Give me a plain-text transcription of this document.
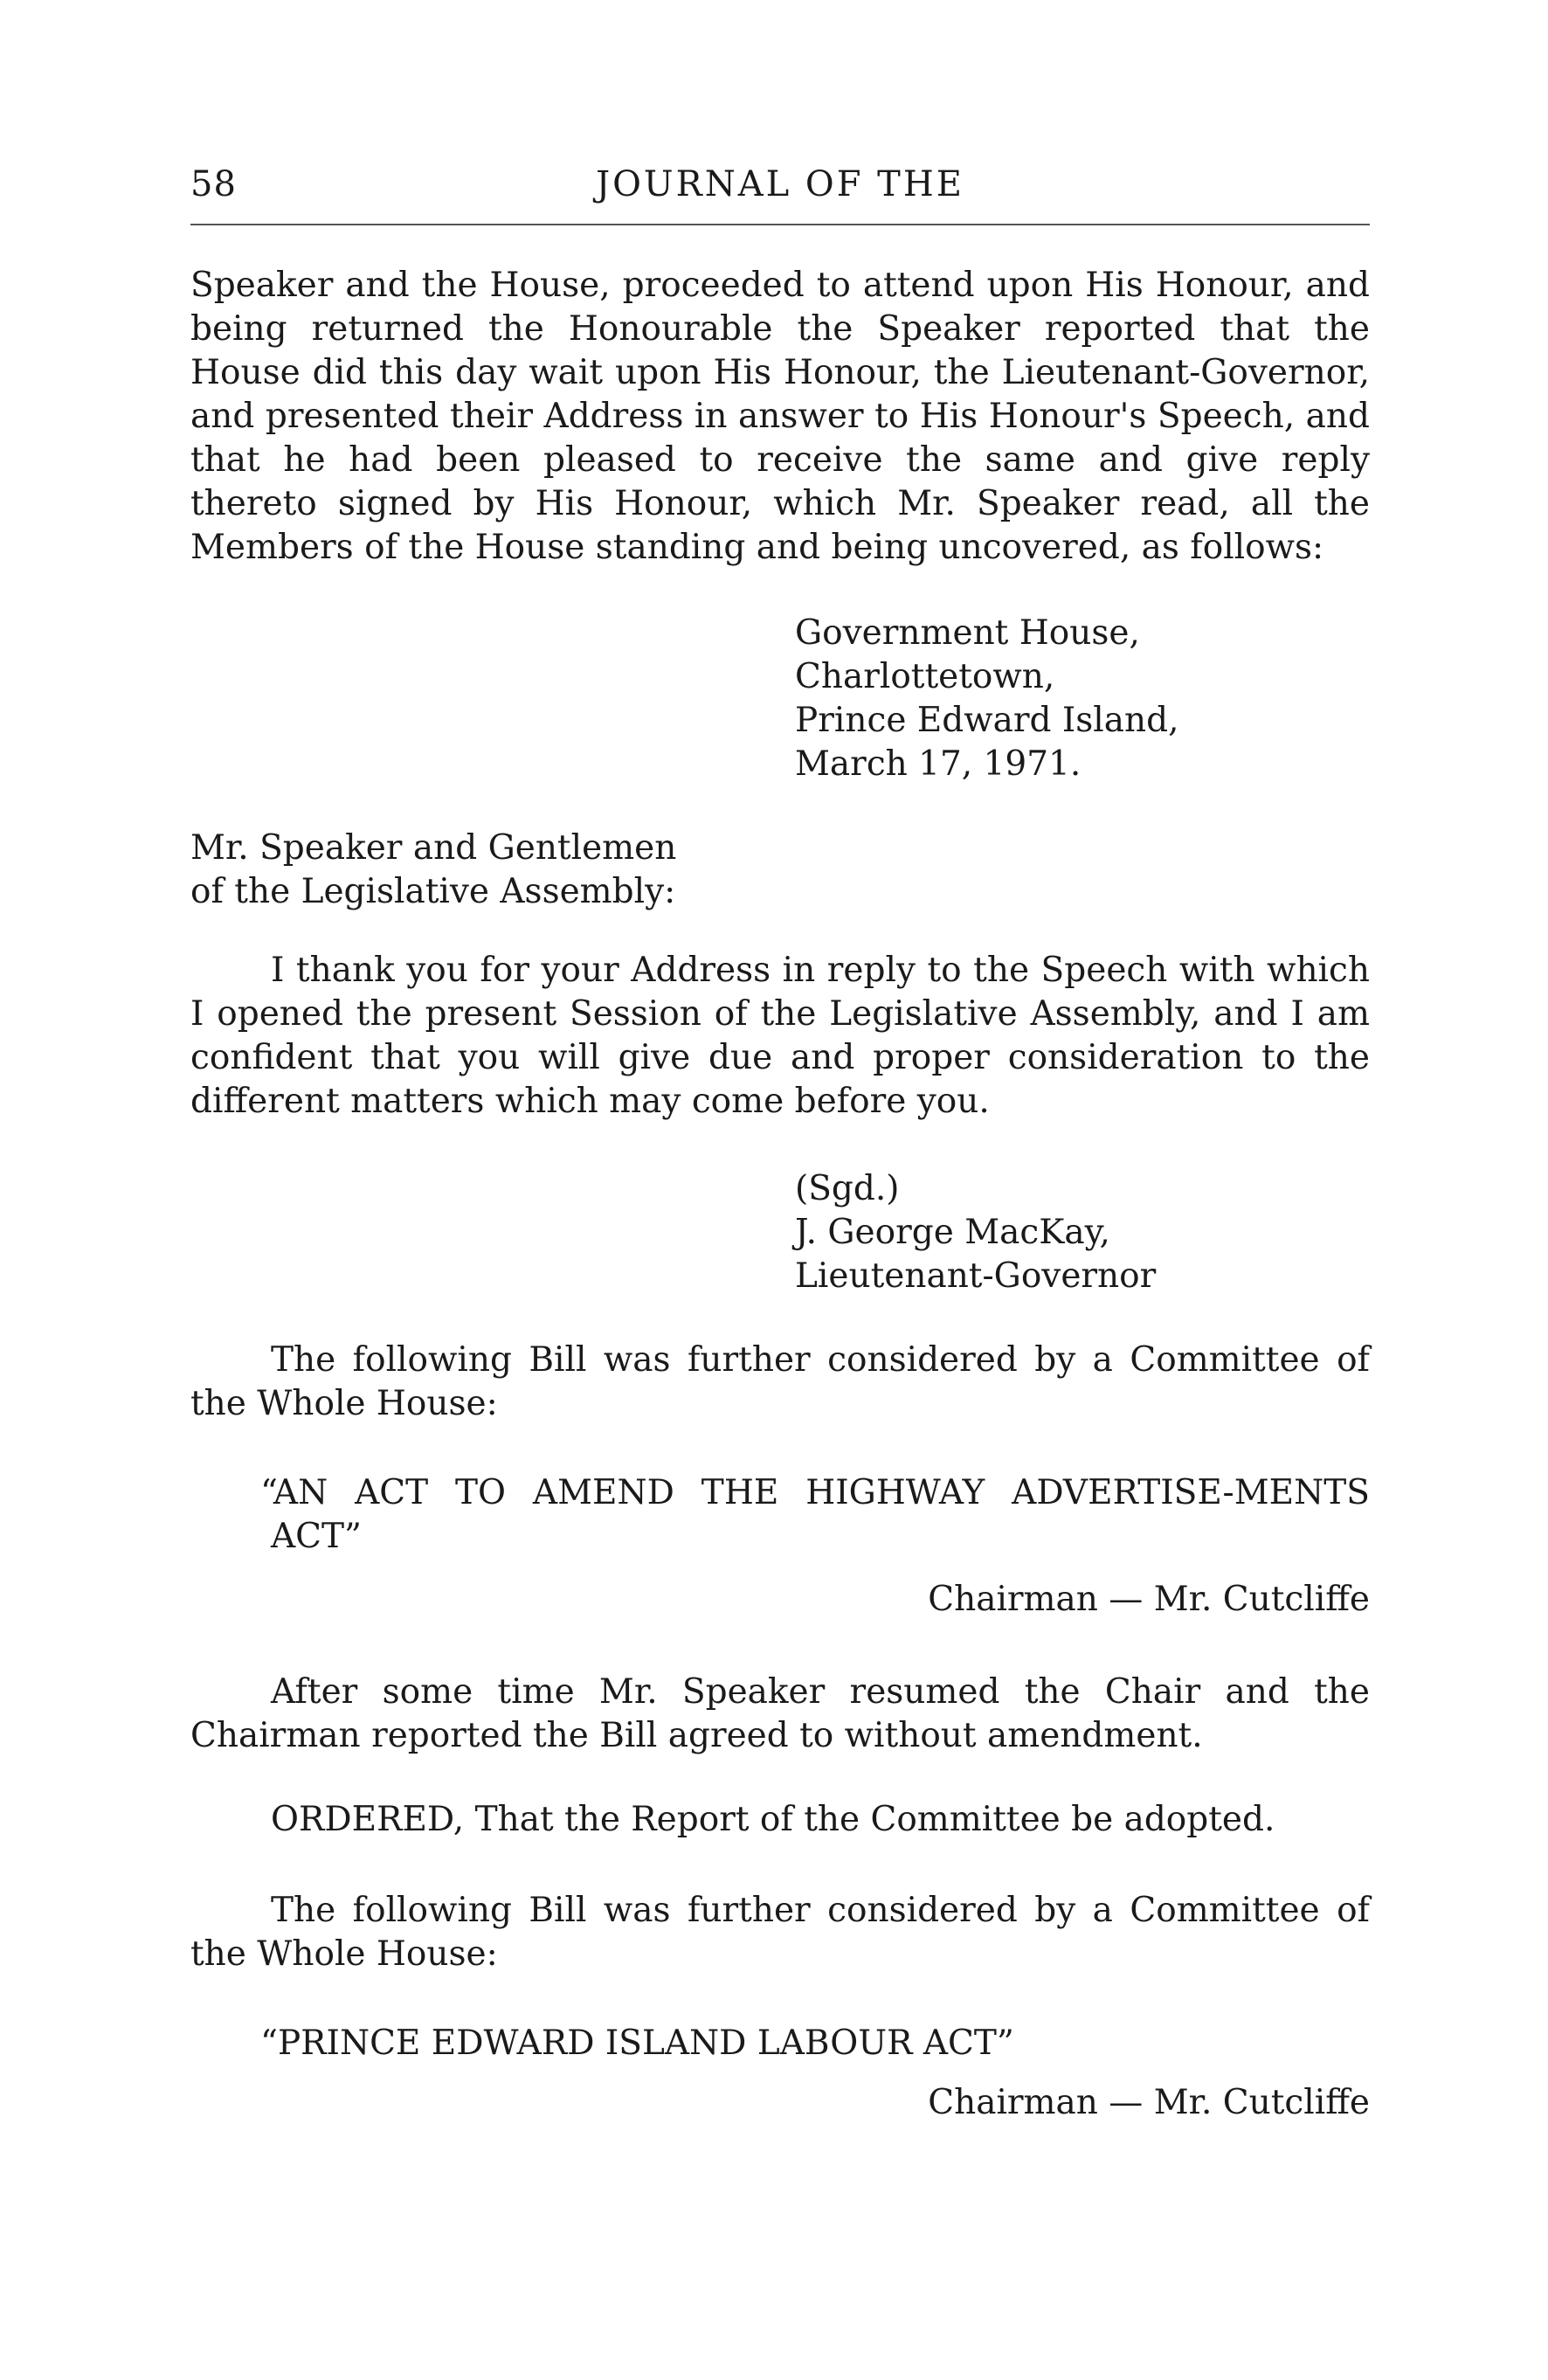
58	JOURNAL OF THE
Speaker and the House, proceeded to attend upon His Honour, and being returned the Honourable the Speaker reported that the House did this day wait upon His Honour, the Lieutenant-Governor, and presented their Address in answer to His Honour's Speech, and that he had been pleased to receive the same and give reply thereto signed by His Honour, which Mr. Speaker read, all the Members of the House standing and being uncovered, as follows:
Government House,
Charlottetown,
Prince Edward Island,
March 17, 1971.
Mr. Speaker and Gentlemen
of the Legislative Assembly:
I thank you for your Address in reply to the Speech with which I opened the present Session of the Legislative Assembly, and I am confident that you will give due and proper consideration to the different matters which may come before you.
(Sgd.)
J. George MacKay,
Lieutenant-Governor
The following Bill was further considered by a Committee of the Whole House:
“AN ACT TO AMEND THE HIGHWAY ADVERTISE-MENTS ACT”
Chairman — Mr. Cutcliffe
After some time Mr. Speaker resumed the Chair and the Chairman reported the Bill agreed to without amendment.
ORDERED, That the Report of the Committee be adopted.
The following Bill was further considered by a Committee of the Whole House:
“PRINCE EDWARD ISLAND LABOUR ACT”
Chairman — Mr. Cutcliffe
